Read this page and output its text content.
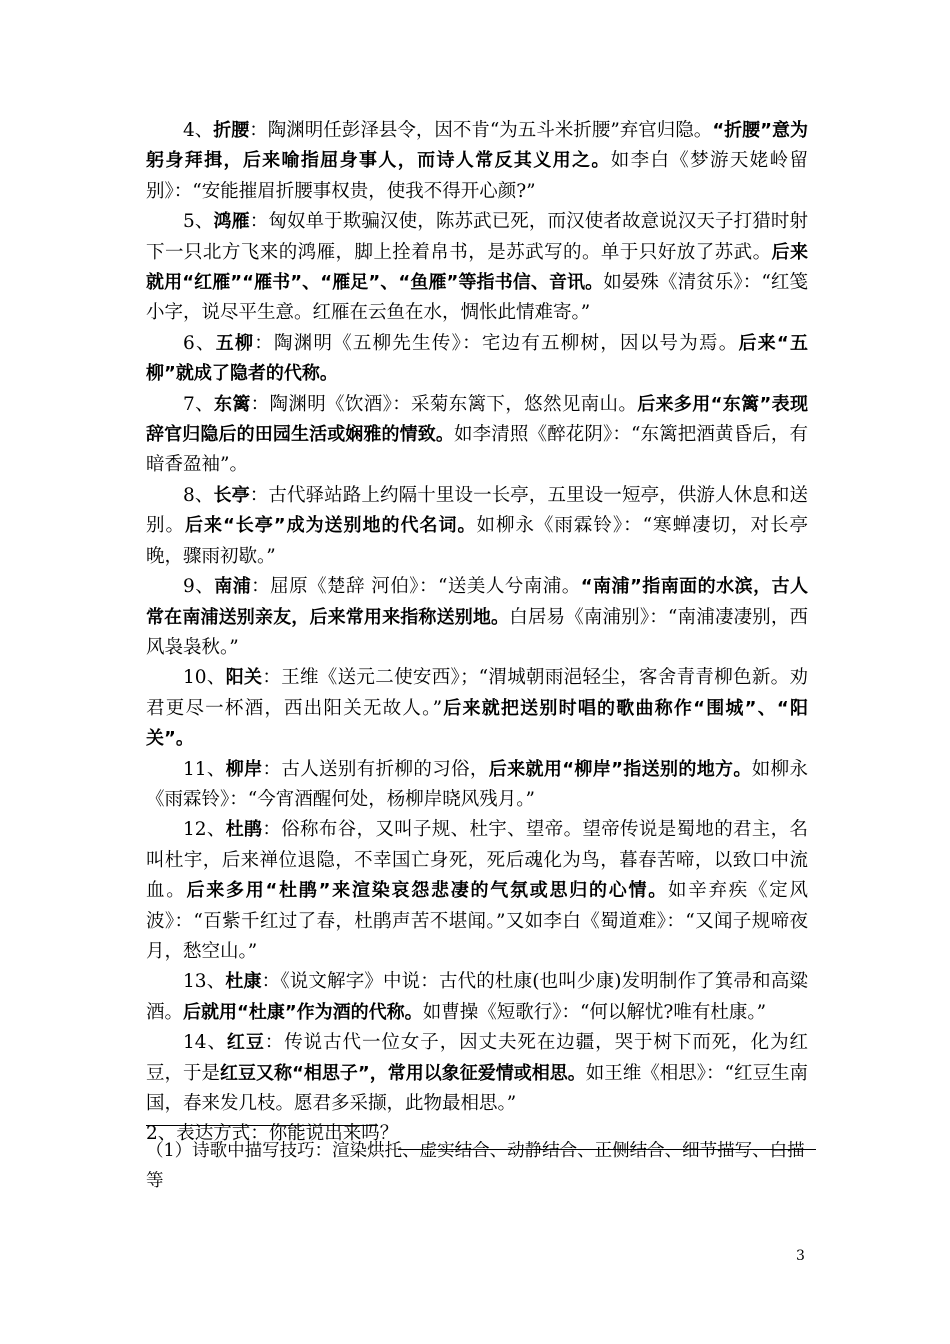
4、折腰：陶渊明任彭泽县令，因不肯“为五斗米折腰”弃官归隐。“折腰”意为躬身拜揖，后来喻指屈身事人，而诗人常反其义用之。如李白《梦游天姥岭留别》：“安能摧眉折腰事权贵，使我不得开心颜?”

5、鸿雁：匈奴单于欺骗汉使，陈苏武已死，而汉使者故意说汉天子打猎时射下一只北方飞来的鸿雁，脚上拴着帛书，是苏武写的。单于只好放了苏武。后来就用“红雁”“雁书”、“雁足”、“鱼雁”等指书信、音讯。如晏殊《清贫乐》：“红笺小字，说尽平生意。红雁在云鱼在水，惆怅此情难寄。”

6、五柳：陶渊明《五柳先生传》：宅边有五柳树，因以号为焉。后来“五柳”就成了隐者的代称。

7、东篱：陶渊明《饮酒》：采菊东篱下，悠然见南山。后来多用“东篱”表现辞官归隐后的田园生活或娴雅的情致。如李清照《醉花阴》：“东篱把酒黄昏后，有暗香盈袖”。

8、长亭：古代驿站路上约隔十里设一长亭，五里设一短亭，供游人休息和送别。后来“长亭”成为送别地的代名词。如柳永《雨霖铃》：“寒蝉凄切，对长亭晚，骤雨初歇。”

9、南浦：屈原《楚辞 河伯》：“送美人兮南浦。“南浦”指南面的水滨，古人常在南浦送别亲友，后来常用来指称送别地。白居易《南浦别》：“南浦凄凄别，西风袅袅秋。”

10、阳关：王维《送元二使安西》；“渭城朝雨浥轻尘，客舍青青柳色新。劝君更尽一杯酒，西出阳关无故人。”后来就把送别时唱的歌曲称作“围城”、“阳关”。

11、柳岸：古人送别有折柳的习俗，后来就用“柳岸”指送别的地方。如柳永《雨霖铃》：“今宵酒醒何处，杨柳岸晓风残月。”

12、杜鹃：俗称布谷，又叫子规、杜宇、望帝。望帝传说是蜀地的君主，名叫杜宇，后来禅位退隐，不幸国亡身死，死后魂化为鸟，暮春苦啼，以致口中流血。后来多用“杜鹃”来渲染哀怨悲凄的气氛或思归的心情。如辛弃疾《定风波》：“百紫千红过了春，杜鹃声苦不堪闻。”又如李白《蜀道难》：“又闻子规啼夜月，愁空山。”

13、杜康：《说文解字》中说：古代的杜康(也叫少康)发明制作了箕帚和高粱酒。后就用“杜康”作为酒的代称。如曹操《短歌行》：“何以解忧?唯有杜康。”

14、红豆：传说古代一位女子，因丈夫死在边疆，哭于树下而死，化为红豆，于是红豆又称“相思子”，常用以象征爱情或相思。如王维《相思》：“红豆生南国，春来发几枝。愿君多采撷，此物最相思。”

2、表达方式：你能说出来吗？

（1）诗歌中描写技巧：渲染烘托、虚实结合、动静结合、正侧结合、细节描写、白描等

3
